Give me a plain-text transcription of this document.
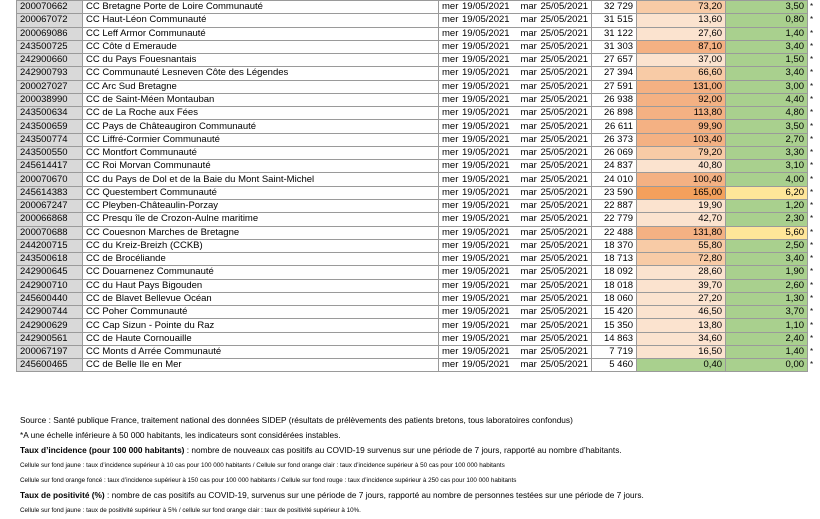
200070662	CC Bretagne Porte de Loire Communauté	mer 19/05/2021 mar 25/05/2021	32 729	73,20	3,50	*
200067072	CC Haut-Léon Communauté	mer 19/05/2021 mar 25/05/2021	31 515	13,60	0,80	*
200069086	CC Leff Armor Communauté	mer 19/05/2021 mar 25/05/2021	31 122	27,60	1,40	*
243500725	CC Côte d Emeraude	mer 19/05/2021 mar 25/05/2021	31 303	87,10	3,40	*
242900660	CC du Pays Fouesnantais	mer 19/05/2021 mar 25/05/2021	27 657	37,00	1,50	*
242900793	CC Communauté Lesneven Côte des Légendes	mer 19/05/2021 mar 25/05/2021	27 394	66,60	3,40	*
200027027	CC Arc Sud Bretagne	mer 19/05/2021 mar 25/05/2021	27 591	131,00	3,00	*
200038990	CC de Saint-Méen Montauban	mer 19/05/2021 mar 25/05/2021	26 938	92,00	4,40	*
243500634	CC de La Roche aux Fées	mer 19/05/2021 mar 25/05/2021	26 898	113,80	4,80	*
243500659	CC Pays de Châteaugiron Communauté	mer 19/05/2021 mar 25/05/2021	26 611	99,90	3,50	*
243500774	CC Liffré-Cormier Communauté	mer 19/05/2021 mar 25/05/2021	26 373	103,40	2,70	*
243500550	CC Montfort Communauté	mer 19/05/2021 mar 25/05/2021	26 069	79,20	3,30	*
245614417	CC Roi Morvan Communauté	mer 19/05/2021 mar 25/05/2021	24 837	40,80	3,10	*
200070670	CC du Pays de Dol et de la Baie du Mont Saint-Michel	mer 19/05/2021 mar 25/05/2021	24 010	100,40	4,00	*
245614383	CC Questembert Communauté	mer 19/05/2021 mar 25/05/2021	23 590	165,00	6,20	*
200067247	CC Pleyben-Châteaulin-Porzay	mer 19/05/2021 mar 25/05/2021	22 887	19,90	1,20	*
200066868	CC Presqu île de Crozon-Aulne maritime	mer 19/05/2021 mar 25/05/2021	22 779	42,70	2,30	*
200070688	CC Couesnon Marches de Bretagne	mer 19/05/2021 mar 25/05/2021	22 488	131,80	5,60	*
244200715	CC du Kreiz-Breizh (CCKB)	mer 19/05/2021 mar 25/05/2021	18 370	55,80	2,50	*
243500618	CC de Brocéliande	mer 19/05/2021 mar 25/05/2021	18 713	72,80	3,40	*
242900645	CC Douarnenez Communauté	mer 19/05/2021 mar 25/05/2021	18 092	28,60	1,90	*
242900710	CC du Haut Pays Bigouden	mer 19/05/2021 mar 25/05/2021	18 018	39,70	2,60	*
245600440	CC de Blavet Bellevue Océan	mer 19/05/2021 mar 25/05/2021	18 060	27,20	1,30	*
242900744	CC Poher Communauté	mer 19/05/2021 mar 25/05/2021	15 420	46,50	3,70	*
242900629	CC Cap Sizun - Pointe du Raz	mer 19/05/2021 mar 25/05/2021	15 350	13,80	1,10	*
242900561	CC de Haute Cornouaille	mer 19/05/2021 mar 25/05/2021	14 863	34,60	2,40	*
200067197	CC Monts d Arrée Communauté	mer 19/05/2021 mar 25/05/2021	7 719	16,50	1,40	*
245600465	CC de Belle Ile en Mer	mer 19/05/2021 mar 25/05/2021	5 460	0,40	0,00	*

Source : Santé publique France, traitement national des données SIDEP (résultats de prélèvements des patients bretons, tous laboratoires confondus)

*A une échelle inférieure à 50 000 habitants, les indicateurs sont considérées instables.

Taux d’incidence (pour 100 000 habitants) : nombre de nouveaux cas positifs au COVID-19 survenus sur une période de 7 jours, rapporté au nombre d’habitants.

Cellule sur fond jaune : taux d’incidence supérieur à 10 cas pour 100 000 habitants / Cellule sur fond orange clair : taux d’incidence supérieur à 50 cas pour 100 000 habitants

Cellule sur fond orange foncé : taux d’incidence supérieur à 150 cas pour 100 000 habitants / Cellule sur fond rouge : taux d’incidence supérieur à 250 cas pour 100 000 habitants

Taux de positivité (%) : nombre de cas positifs au COVID-19, survenus sur une période de 7 jours, rapporté au nombre de personnes testées sur une période de 7 jours.

Cellule sur fond jaune : taux de positivité supérieur à 5% / cellule sur fond orange clair : taux de positivité supérieur à 10%.
